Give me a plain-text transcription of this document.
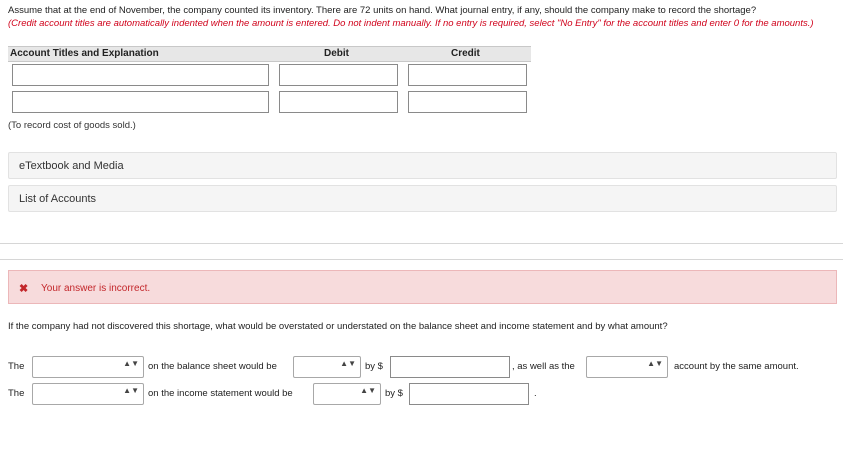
Assume that at the end of November, the company counted its inventory. There are 72 units on hand. What journal entry, if any, should the company make to record the shortage?
(Credit account titles are automatically indented when the amount is entered. Do not indent manually. If no entry is required, select "No Entry" for the account titles and enter 0 for the amounts.)
Account Titles and Explanation	Debit	Credit
(To record cost of goods sold.)
eTextbook and Media
List of Accounts
✖ Your answer is incorrect.
If the company had not discovered this shortage, what would be overstated or understated on the balance sheet and income statement and by what amount?
The	▲▼ on the balance sheet would be	▲▼ by $	, as well as the	▲▼ account by the same amount.
The	▲▼ on the income statement would be	▲▼ by $	.
